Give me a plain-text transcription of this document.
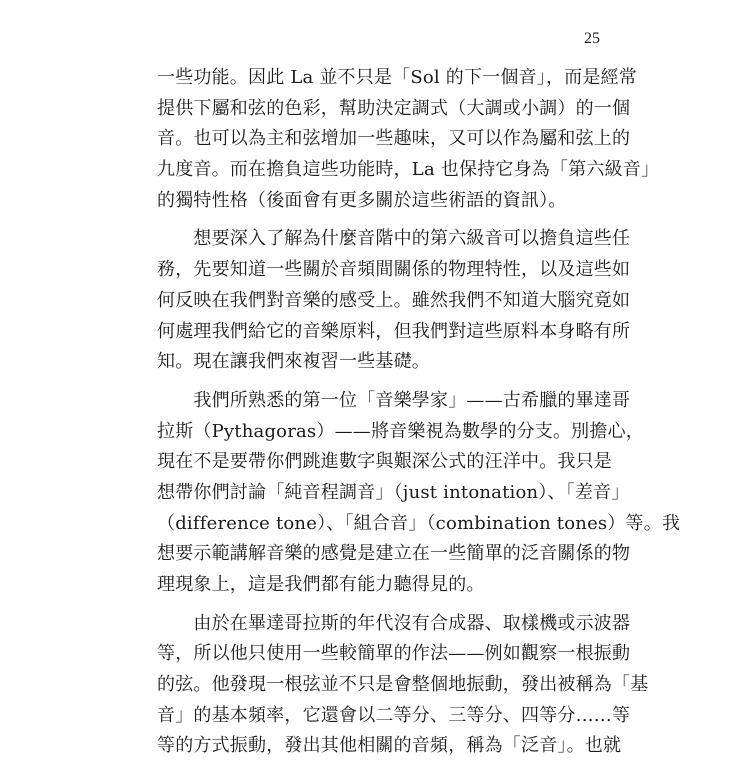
25
一些功能。因此 La 並不只是「Sol 的下一個音」，而是經常
提供下屬和弦的色彩，幫助決定調式（大調或小調）的一個
音。也可以為主和弦增加一些趣味，又可以作為屬和弦上的
九度音。而在擔負這些功能時，La 也保持它身為「第六級音」
的獨特性格（後面會有更多關於這些術語的資訊）。
　　想要深入了解為什麼音階中的第六級音可以擔負這些任
務，先要知道一些關於音頻間關係的物理特性，以及這些如
何反映在我們對音樂的感受上。雖然我們不知道大腦究竟如
何處理我們給它的音樂原料，但我們對這些原料本身略有所
知。現在讓我們來複習一些基礎。
　　我們所熟悉的第一位「音樂學家」——古希臘的畢達哥
拉斯（Pythagoras）——將音樂視為數學的分支。別擔心，
現在不是要帶你們跳進數字與艱深公式的汪洋中。我只是
想帶你們討論「純音程調音」（just intonation）、「差音」
（difference tone）、「組合音」（combination tones）等。我
想要示範講解音樂的感覺是建立在一些簡單的泛音關係的物
理現象上，這是我們都有能力聽得見的。
　　由於在畢達哥拉斯的年代沒有合成器、取樣機或示波器
等，所以他只使用一些較簡單的作法——例如觀察一根振動
的弦。他發現一根弦並不只是會整個地振動，發出被稱為「基
音」的基本頻率，它還會以二等分、三等分、四等分……等
等的方式振動，發出其他相關的音頻，稱為「泛音」。也就
